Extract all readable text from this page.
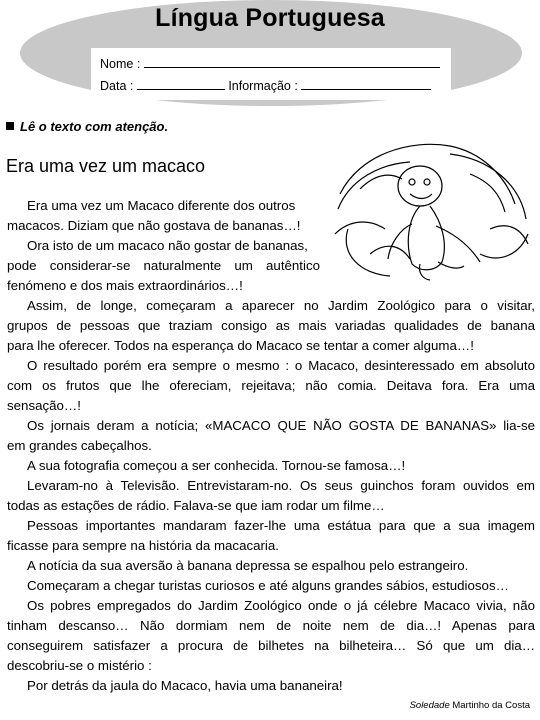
Língua Portuguesa
Nome :
Data :	Informação :
Lê o texto com atenção.
Era uma vez um macaco
Era uma vez um Macaco diferente dos outros
macacos. Diziam que não gostava de bananas…!
Ora isto de um macaco não gostar de bananas,
pode considerar-se naturalmente um autêntico
fenómeno e dos mais extraordinários…!
Assim, de longe, começaram a aparecer no Jardim Zoológico para o visitar,
grupos de pessoas que traziam consigo as mais variadas qualidades de banana
para lhe oferecer. Todos na esperança do Macaco se tentar a comer alguma…!
O resultado porém era sempre o mesmo : o Macaco, desinteressado em absoluto
com os frutos que lhe ofereciam, rejeitava; não comia. Deitava fora. Era uma
sensação…!
Os jornais deram a notícia; «MACACO QUE NÃO GOSTA DE BANANAS» lia-se
em grandes cabeçalhos.
A sua fotografia começou a ser conhecida. Tornou-se famosa…!
Levaram-no à Televisão. Entrevistaram-no. Os seus guinchos foram ouvidos em
todas as estações de rádio. Falava-se que iam rodar um filme…
Pessoas importantes mandaram fazer-lhe uma estátua para que a sua imagem
ficasse para sempre na história da macacaria.
A notícia da sua aversão à banana depressa se espalhou pelo estrangeiro.
Começaram a chegar turistas curiosos e até alguns grandes sábios, estudiosos…
Os pobres empregados do Jardim Zoológico onde o já célebre Macaco vivia, não
tinham descanso… Não dormiam nem de noite nem de dia…! Apenas para
conseguirem satisfazer a procura de bilhetes na bilheteira… Só que um dia…
descobriu-se o mistério :
Por detrás da jaula do Macaco, havia uma bananeira!
Soledade Martinho da Costa
